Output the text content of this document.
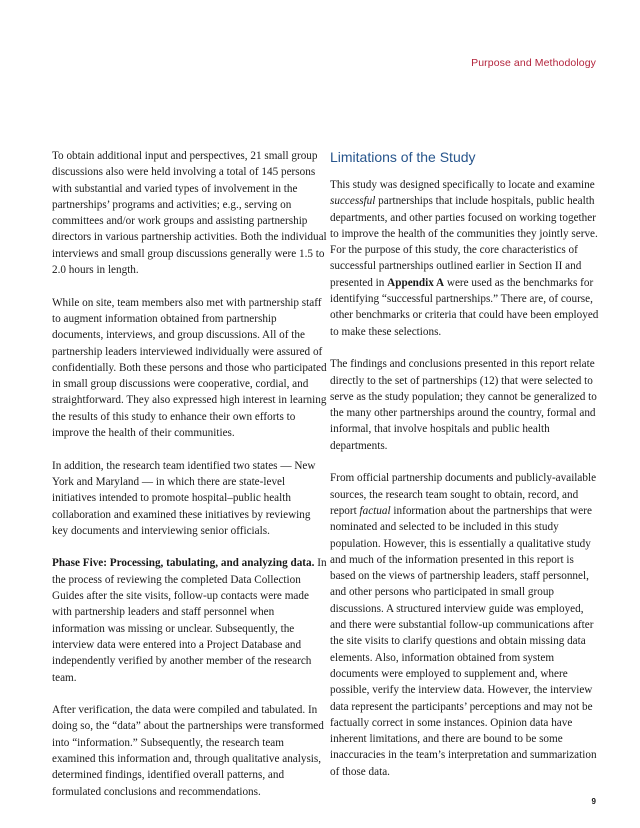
Purpose and Methodology

To obtain additional input and perspectives, 21 small group discussions also were held involving a total of 145 persons with substantial and varied types of involvement in the partnerships’ programs and activities; e.g., serving on committees and/or work groups and assisting partnership directors in various partnership activities. Both the individual interviews and small group discussions generally were 1.5 to 2.0 hours in length.

While on site, team members also met with partnership staff to augment information obtained from partnership documents, interviews, and group discussions. All of the partnership leaders interviewed individually were assured of confidentially. Both these persons and those who participated in small group discussions were cooperative, cordial, and straightforward. They also expressed high interest in learning the results of this study to enhance their own efforts to improve the health of their communities.

In addition, the research team identified two states — New York and Maryland — in which there are state-level initiatives intended to promote hospital–public health collaboration and examined these initiatives by reviewing key documents and interviewing senior officials.

Phase Five: Processing, tabulating, and analyzing data. In the process of reviewing the completed Data Collection Guides after the site visits, follow-up contacts were made with partnership leaders and staff personnel when information was missing or unclear. Subsequently, the interview data were entered into a Project Database and independently verified by another member of the research team.

After verification, the data were compiled and tabulated. In doing so, the “data” about the partnerships were transformed into “information.” Subsequently, the research team examined this information and, through qualitative analysis, determined findings, identified overall patterns, and formulated conclusions and recommendations.

Limitations of the Study

This study was designed specifically to locate and examine successful partnerships that include hospitals, public health departments, and other parties focused on working together to improve the health of the communities they jointly serve. For the purpose of this study, the core characteristics of successful partnerships outlined earlier in Section II and presented in Appendix A were used as the benchmarks for identifying “successful partnerships.” There are, of course, other benchmarks or criteria that could have been employed to make these selections.

The findings and conclusions presented in this report relate directly to the set of partnerships (12) that were selected to serve as the study population; they cannot be generalized to the many other partnerships around the country, formal and informal, that involve hospitals and public health departments.

From official partnership documents and publicly-available sources, the research team sought to obtain, record, and report factual information about the partnerships that were nominated and selected to be included in this study population. However, this is essentially a qualitative study and much of the information presented in this report is based on the views of partnership leaders, staff personnel, and other persons who participated in small group discussions. A structured interview guide was employed, and there were substantial follow-up communications after the site visits to clarify questions and obtain missing data elements. Also, information obtained from system documents were employed to supplement and, where possible, verify the interview data. However, the interview data represent the participants’ perceptions and may not be factually correct in some instances. Opinion data have inherent limitations, and there are bound to be some inaccuracies in the team’s interpretation and summarization of those data.

9
